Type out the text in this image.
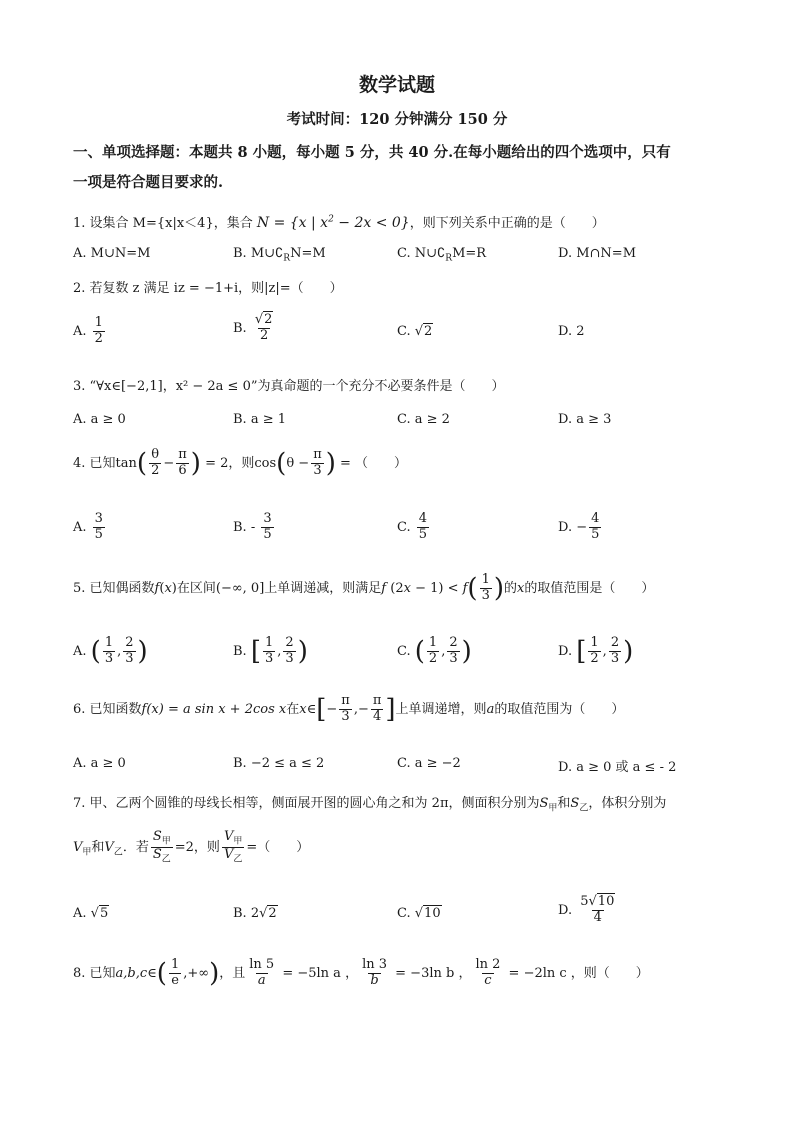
数学试题
考试时间：120 分钟满分 150 分
一、单项选择题：本题共 8 小题，每小题 5 分，共 40 分.在每小题给出的四个选项中，只有
一项是符合题目要求的.
1. 设集合 M={x|x＜4}，集合 N = {x | $x^2 - 2x < 0$}，则下列关系中正确的是（　　）
A. M∪N=M	B. $M\cup∁_RN=M$	C. $N\cup∁_RM=R$	D. M∩N=M
2. 若复数 z 满足 iz = −1+i，则|z|=（　　）
A. $\frac{1}{2}$	B. $\frac{√2}{2}$	C. √2	D. 2
3. “∀x∈[−2,1]，x² − 2a ≤ 0”为真命题的一个充分不必要条件是（　　）
A. a ≥ 0	B. a ≥ 1	C. a ≥ 2	D. a ≥ 3
4. 已知$\tan( \frac{\theta}{2} - \frac{\pi}{6}$ ) = 2，则$\cos(\theta - \frac{\pi}{3}$ ) = （　　）
A. $\frac{3}{5}$	B. - $\frac{3}{5}$	C. $\frac{4}{5}$	D. − $\frac{4}{5}$
5. 已知偶函数f(x)在区间(−∞, 0]上单调递减，则满足f $(2x - 1) < f( \frac{1}{3}$ )的x的取值范围是（　　）
A. ( $\frac{1}{3}$ , $\frac{2}{3}$ )	B. [ $\frac{1}{3}$ , $\frac{2}{3}$ )	C. ( $\frac{1}{2}$ , $\frac{2}{3}$ )	D. [ $\frac{1}{2}$ , $\frac{2}{3}$ )
6. 已知函数f(x) = a sin x + 2cos x在x∈[− $\frac{\pi}{3}$ ,− $\frac{\pi}{4}$ ]上单调递增，则a的取值范围为（　　）
A. a ≥ 0	B. −2 ≤ a ≤ 2	C. a ≥ −2	D. a ≥ 0 或 a ≤ - 2
7. 甲、乙两个圆锥的母线长相等，侧面展开图的圆心角之和为 2π，侧面积分别为$S_甲$和$S_乙$，体积分别为
$V_甲$和$V_乙$．若 $\frac{S_甲}{S_乙} =2$，则 $\frac{V_甲}{V_乙}$ =（　　）
A. √5	B. 2√2	C. √10	D. $\frac{5√10}{4}$
8. 已知a,b,c∈( $\frac{1}{e}$ ,+∞)，且 $\frac{\ln 5}{a} = -5\ln$ a ， $\frac{\ln 3}{b} = -3\ln$ b ， $\frac{\ln 2}{c} = -2\ln$ c ，则（　　）
